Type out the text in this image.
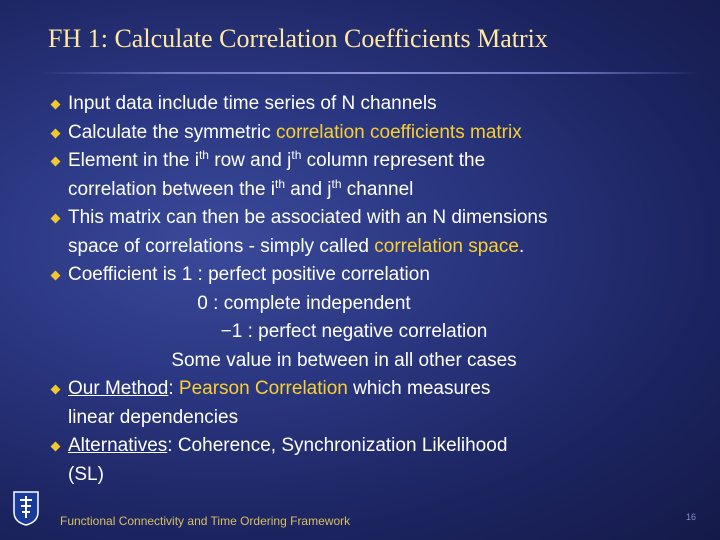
FH 1: Calculate Correlation Coefficients Matrix
Input data include time series of N channels
Calculate the symmetric correlation coefficients matrix
Element in the $i^{th}$ row and $j^{th}$ column represent the
correlation between the $i^{th}$ and $j^{th}$ channel
This matrix can then be associated with an N dimensions
space of correlations - simply called correlation space.
Coefficient is 1 : perfect positive correlation
0 : complete independent
−1 : perfect negative correlation
Some value in between in all other cases
Our Method: Pearson Correlation which measures
linear dependencies
Alternatives: Coherence, Synchronization Likelihood
(SL)
Functional Connectivity and Time Ordering Framework	16
